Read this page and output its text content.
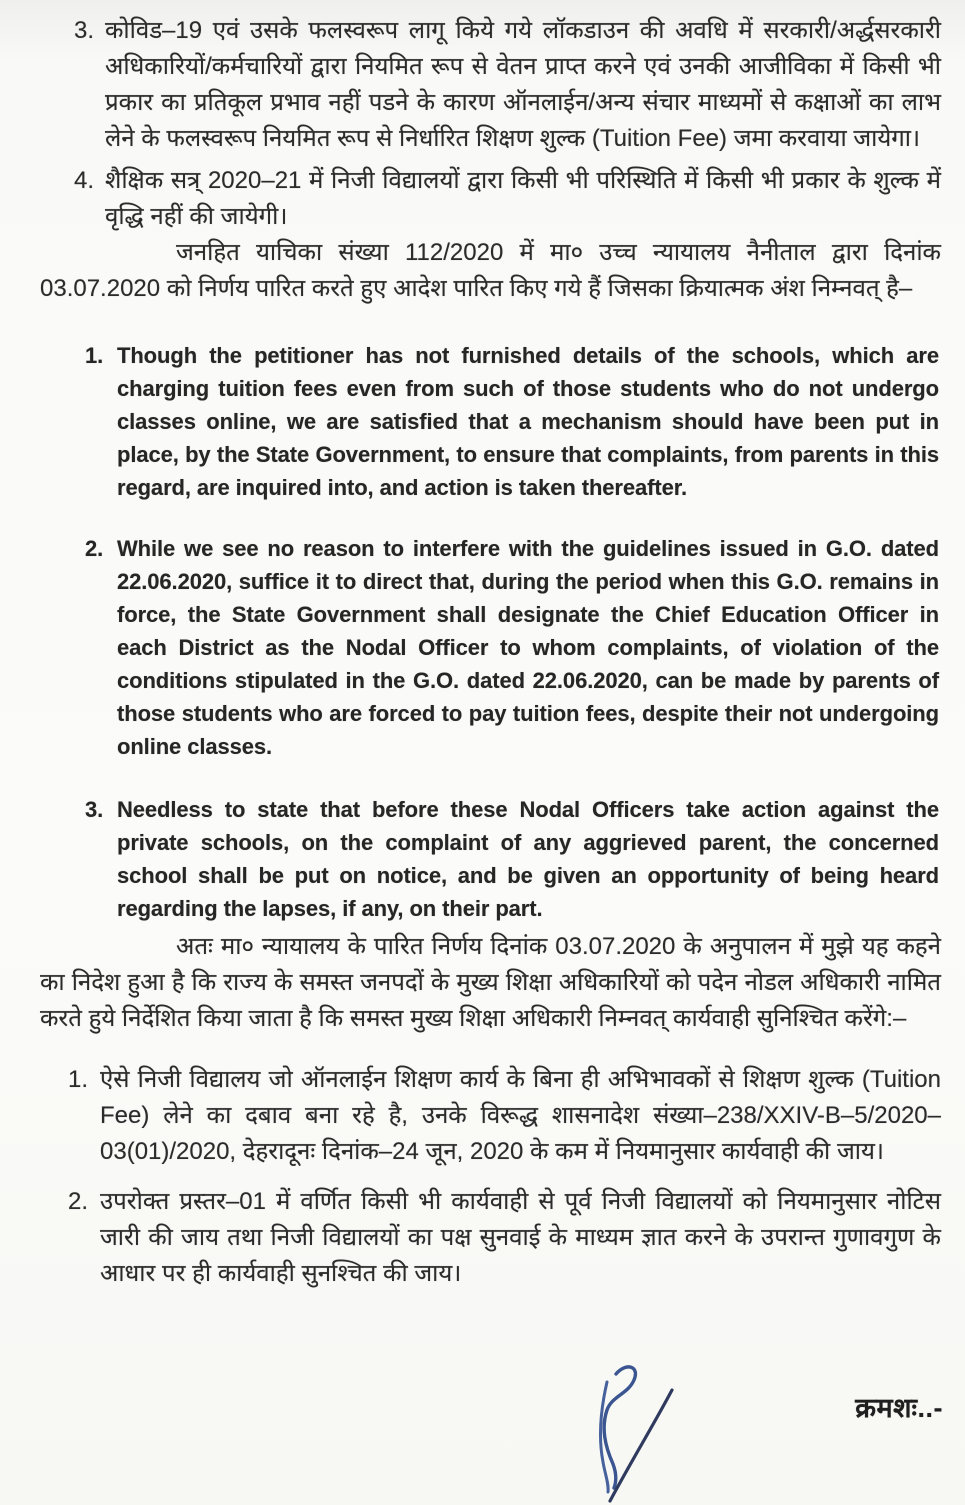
3. कोविड–19 एवं उसके फलस्वरूप लागू किये गये लॉकडाउन की अवधि में सरकारी/अर्द्धसरकारी अधिकारियों/कर्मचारियों द्वारा नियमित रूप से वेतन प्राप्त करने एवं उनकी आजीविका में किसी भी प्रकार का प्रतिकूल प्रभाव नहीं पडने के कारण ऑनलाईन/अन्य संचार माध्यमों से कक्षाओं का लाभ लेने के फलस्वरूप नियमित रूप से निर्धारित शिक्षण शुल्क (Tuition Fee) जमा करवाया जायेगा।
4. शैक्षिक सत्र् 2020–21 में निजी विद्यालयों द्वारा किसी भी परिस्थिति में किसी भी प्रकार के शुल्क में वृद्धि नहीं की जायेगी।

जनहित याचिका संख्या 112/2020 में मा० उच्च न्यायालय नैनीताल द्वारा दिनांक 03.07.2020 को निर्णय पारित करते हुए आदेश पारित किए गये हैं जिसका क्रियात्मक अंश निम्नवत् है–

1. Though the petitioner has not furnished details of the schools, which are charging tuition fees even from such of those students who do not undergo classes online, we are satisfied that a mechanism should have been put in place, by the State Government, to ensure that complaints, from parents in this regard, are inquired into, and action is taken thereafter.
2. While we see no reason to interfere with the guidelines issued in G.O. dated 22.06.2020, suffice it to direct that, during the period when this G.O. remains in force, the State Government shall designate the Chief Education Officer in each District as the Nodal Officer to whom complaints, of violation of the conditions stipulated in the G.O. dated 22.06.2020, can be made by parents of those students who are forced to pay tuition fees, despite their not undergoing online classes.
3. Needless to state that before these Nodal Officers take action against the private schools, on the complaint of any aggrieved parent, the concerned school shall be put on notice, and be given an opportunity of being heard regarding the lapses, if any, on their part.

अतः मा० न्यायालय के पारित निर्णय दिनांक 03.07.2020 के अनुपालन में मुझे यह कहने का निदेश हुआ है कि राज्य के समस्त जनपदों के मुख्य शिक्षा अधिकारियों को पदेन नोडल अधिकारी नामित करते हुये निर्देशित किया जाता है कि समस्त मुख्य शिक्षा अधिकारी निम्नवत् कार्यवाही सुनिश्चित करेंगे:–

1. ऐसे निजी विद्यालय जो ऑनलाईन शिक्षण कार्य के बिना ही अभिभावकों से शिक्षण शुल्क (Tuition Fee) लेने का दबाव बना रहे है, उनके विरूद्ध शासनादेश संख्या–238/XXIV-B–5/2020–03(01)/2020, देहरादूनः दिनांक–24 जून, 2020 के कम में नियमानुसार कार्यवाही की जाय।
2. उपरोक्त प्रस्तर–01 में वर्णित किसी भी कार्यवाही से पूर्व निजी विद्यालयों को नियमानुसार नोटिस जारी की जाय तथा निजी विद्यालयों का पक्ष सुनवाई के माध्यम ज्ञात करने के उपरान्त गुणावगुण के आधार पर ही कार्यवाही सुनश्चित की जाय।
क्रमशः..-
